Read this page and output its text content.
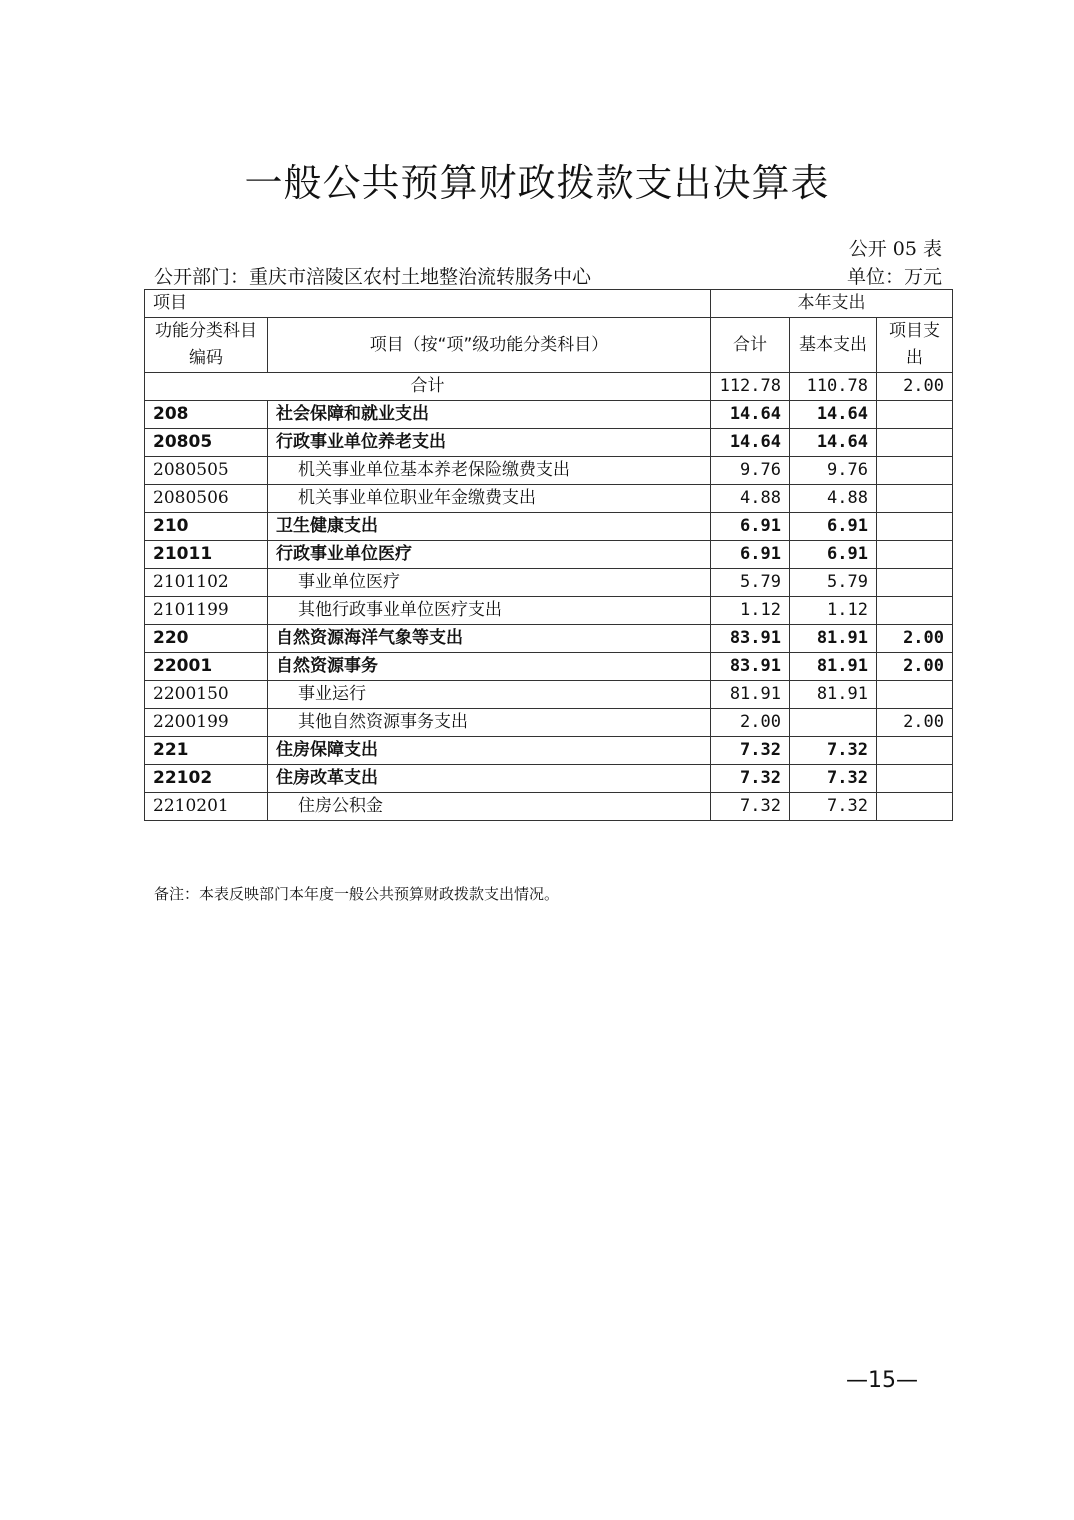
一般公共预算财政拨款支出决算表
公开 05 表
公开部门：重庆市涪陵区农村土地整治流转服务中心	单位：万元
项目		本年支出		

功能分类科目编码	项目（按“项”级功能分类科目）	合计	基本支出	项目支出

合计		112.78	110.78	2.00
208	社会保障和就业支出	14.64	14.64	
20805	行政事业单位养老支出	14.64	14.64	
2080505	机关事业单位基本养老保险缴费支出	9.76	9.76	
2080506	机关事业单位职业年金缴费支出	4.88	4.88	
210	卫生健康支出	6.91	6.91	
21011	行政事业单位医疗	6.91	6.91	
2101102	事业单位医疗	5.79	5.79	
2101199	其他行政事业单位医疗支出	1.12	1.12	
220	自然资源海洋气象等支出	83.91	81.91	2.00
22001	自然资源事务	83.91	81.91	2.00
2200150	事业运行	81.91	81.91	
2200199	其他自然资源事务支出	2.00		2.00
221	住房保障支出	7.32	7.32	
22102	住房改革支出	7.32	7.32	
2210201	住房公积金	7.32	7.32	
备注：本表反映部门本年度一般公共预算财政拨款支出情况。
—15—
